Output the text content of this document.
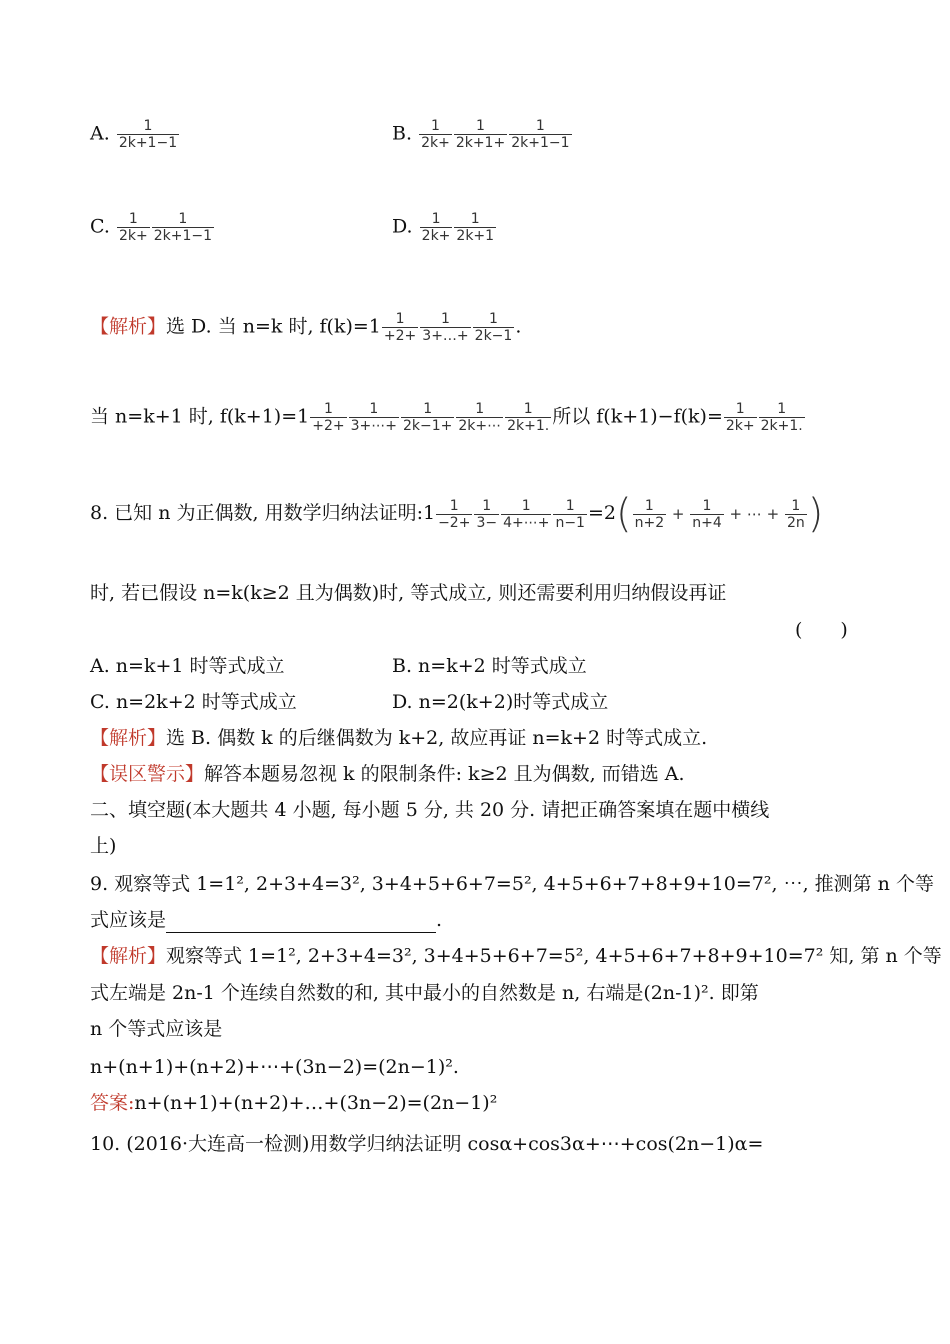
A. $\frac{1}{2k+1-1}$	B. $\frac{1}{2k+} \frac{1}{2k+1+} \frac{1}{2k+1-1}$
C. $\frac{1}{2k+} \frac{1}{2k+1-1}$	D. $\frac{1}{2k+} \frac{1}{2k+1}$
【解析】选 D. 当 n=k 时, $f(k)=1 \frac{1}{+2+} \frac{1}{3+\dots+} \frac{1}{2k-1}$ .
当 n=k+1 时, $f(k+1)=1 \frac{1}{+2+} \frac{1}{3+\cdots+} \frac{1}{2k-1+} \frac{1}{2k+\cdots} \frac{1}{2k+1.}$ 所以 $f(k+1)-f(k)= \frac{1}{2k+} \frac{1}{2k+1.}$
8. 已知 n 为正偶数, 用数学归纳法证明:1 $\frac{1}{-2+} \frac{1}{3-} \frac{1}{4+\cdots+} \frac{1}{n-1} =2( \frac{1}{n+2} + \frac{1}{n+4}$ + ⋯ + $\frac{1}{2n}$ )
时, 若已假设 n=k(k≥2 且为偶数)时, 等式成立, 则还需要利用归纳假设再证
(　　)
A. n=k+1 时等式成立	B. n=k+2 时等式成立
C. n=2k+2 时等式成立	D. n=2(k+2)时等式成立
【解析】选 B. 偶数 k 的后继偶数为 k+2, 故应再证 n=k+2 时等式成立.
【误区警示】解答本题易忽视 k 的限制条件: k≥2 且为偶数, 而错选 A.
二、填空题(本大题共 4 小题, 每小题 5 分, 共 20 分. 请把正确答案填在题中横线
上)
9. 观察等式 1=1², 2+3+4=3², 3+4+5+6+7=5², 4+5+6+7+8+9+10=7², ⋯, 推测第 n 个等
式应该是	.
【解析】观察等式 1=1², 2+3+4=3², 3+4+5+6+7=5², 4+5+6+7+8+9+10=7² 知, 第 n 个等
式左端是 2n-1 个连续自然数的和, 其中最小的自然数是 n, 右端是(2n-1)². 即第
n 个等式应该是
n+(n+1)+(n+2)+⋯+(3n−2)=(2n−1)².
答案:n+(n+1)+(n+2)+…+(3n−2)=(2n−1)²
10. (2016·大连高一检测)用数学归纳法证明 cosα+cos3α+⋯+cos(2n−1)α=
